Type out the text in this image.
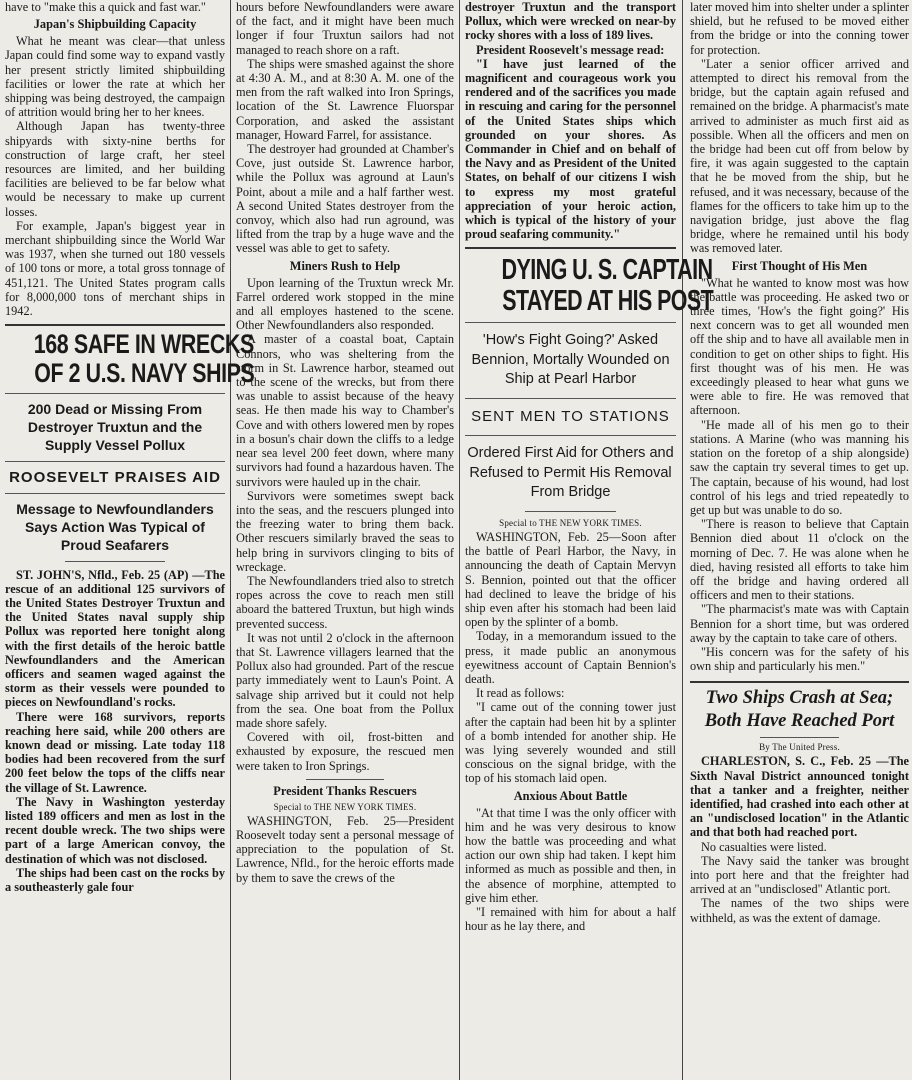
have to "make this a quick and fast war."

Japan's Shipbuilding Capacity

What he meant was clear—that unless Japan could find some way to expand vastly her present strictly limited shipbuilding facilities or lower the rate at which her shipping was being destroyed, the campaign of attrition would bring her to her knees.

Although Japan has twenty-three shipyards with sixty-nine berths for construction of large craft, her steel resources are limited, and her building facilities are believed to be far below what would be necessary to make up current losses.

For example, Japan's biggest year in merchant shipbuilding since the World War was 1937, when she turned out 180 vessels of 100 tons or more, a total gross tonnage of 451,121. The United States program calls for 8,000,000 tons of merchant ships in 1942.

168 SAFE IN WRECKS
OF 2 U.S. NAVY SHIPS
200 Dead or Missing From Destroyer Truxtun and the Supply Vessel Pollux
ROOSEVELT PRAISES AID
Message to Newfoundlanders Says Action Was Typical of Proud Seafarers

ST. JOHN'S, Nfld., Feb. 25 (AP) —The rescue of an additional 125 survivors of the United States Destroyer Truxtun and the United States naval supply ship Pollux was reported here tonight along with the first details of the heroic battle Newfoundlanders and the American officers and seamen waged against the storm as their vessels were pounded to pieces on Newfoundland's rocks.

There were 168 survivors, reports reaching here said, while 200 others are known dead or missing. Late today 118 bodies had been recovered from the surf 200 feet below the tops of the cliffs near the village of St. Lawrence.

The Navy in Washington yesterday listed 189 officers and men as lost in the recent double wreck. The two ships were part of a large American convoy, the destination of which was not disclosed.

The ships had been cast on the rocks by a southeasterly gale four

hours before Newfoundlanders were aware of the fact, and it might have been much longer if four Truxtun sailors had not managed to reach shore on a raft.

The ships were smashed against the shore at 4:30 A. M., and at 8:30 A. M. one of the men from the raft walked into Iron Springs, location of the St. Lawrence Fluorspar Corporation, and asked the assistant manager, Howard Farrel, for assistance.

The destroyer had grounded at Chamber's Cove, just outside St. Lawrence harbor, while the Pollux was aground at Laun's Point, about a mile and a half farther west. A second United States destroyer from the convoy, which also had run aground, was lifted from the trap by a huge wave and the vessel was able to get to safety.

Miners Rush to Help

Upon learning of the Truxtun wreck Mr. Farrel ordered work stopped in the mine and all employes hastened to the scene. Other Newfoundlanders also responded.

A master of a coastal boat, Captain Connors, who was sheltering from the storm in St. Lawrence harbor, steamed out to the scene of the wrecks, but from there was unable to assist because of the heavy seas. He then made his way to Chamber's Cove and with others lowered men by ropes in a bosun's chair down the cliffs to a ledge near sea level 200 feet down, where many survivors had found a hazardous haven. The survivors were hauled up in the chair.

Survivors were sometimes swept back into the seas, and the rescuers plunged into the freezing water to bring them back. Other rescuers similarly braved the seas to help bring in survivors clinging to bits of wreckage.

The Newfoundlanders tried also to stretch ropes across the cove to reach men still aboard the battered Truxtun, but high winds prevented success.

It was not until 2 o'clock in the afternoon that St. Lawrence villagers learned that the Pollux also had grounded. Part of the rescue party immediately went to Laun's Point. A salvage ship arrived but it could not help from the sea. One boat from the Pollux made shore safely.

Covered with oil, frost-bitten and exhausted by exposure, the rescued men were taken to Iron Springs.

President Thanks Rescuers
Special to THE NEW YORK TIMES.

WASHINGTON, Feb. 25—President Roosevelt today sent a personal message of appreciation to the population of St. Lawrence, Nfld., for the heroic efforts made by them to save the crews of the

destroyer Truxtun and the transport Pollux, which were wrecked on near-by rocky shores with a loss of 189 lives.

President Roosevelt's message read:

"I have just learned of the magnificent and courageous work you rendered and of the sacrifices you made in rescuing and caring for the personnel of the United States ships which grounded on your shores. As Commander in Chief and on behalf of the Navy and as President of the United States, on behalf of our citizens I wish to express my most grateful appreciation of your heroic action, which is typical of the history of your proud seafaring community."

DYING U. S. CAPTAIN
STAYED AT HIS POST
'How's Fight Going?' Asked Bennion, Mortally Wounded on Ship at Pearl Harbor
SENT MEN TO STATIONS
Ordered First Aid for Others and Refused to Permit His Removal From Bridge
Special to THE NEW YORK TIMES.

WASHINGTON, Feb. 25—Soon after the battle of Pearl Harbor, the Navy, in announcing the death of Captain Mervyn S. Bennion, pointed out that the officer had declined to leave the bridge of his ship even after his stomach had been laid open by the splinter of a bomb.

Today, in a memorandum issued to the press, it made public an anonymous eyewitness account of Captain Bennion's death.

It read as follows:

"I came out of the conning tower just after the captain had been hit by a splinter of a bomb intended for another ship. He was lying severely wounded and still conscious on the signal bridge, with the top of his stomach laid open.

Anxious About Battle

"At that time I was the only officer with him and he was very desirous to know how the battle was proceeding and what action our own ship had taken. I kept him informed as much as possible and then, in the absence of morphine, attempted to give him ether.

"I remained with him for about a half hour as he lay there, and

later moved him into shelter under a splinter shield, but he refused to be moved either from the bridge or into the conning tower for protection.

"Later a senior officer arrived and attempted to direct his removal from the bridge, but the captain again refused and remained on the bridge. A pharmacist's mate arrived to administer as much first aid as possible. When all the officers and men on the bridge had been cut off from below by fire, it was again suggested to the captain that he be moved from the ship, but he refused, and it was necessary, because of the flames for the officers to take him up to the navigation bridge, just above the flag bridge, where he remained until his body was removed later.

First Thought of His Men

"What he wanted to know most was how the battle was proceeding. He asked two or three times, 'How's the fight going?' His next concern was to get all wounded men off the ship and to have all available men in condition to get on other ships to fight. His first thought was of his men. He was exceedingly pleased to hear what guns we were able to fire. He was removed that afternoon.

"He made all of his men go to their stations. A Marine (who was manning his station on the foretop of a ship alongside) saw the captain try several times to get up. The captain, because of his wound, had lost control of his legs and tried repeatedly to get up but was unable to do so.

"There is reason to believe that Captain Bennion died about 11 o'clock on the morning of Dec. 7. He was alone when he died, having resisted all efforts to take him off the bridge and having ordered all officers and men to their stations.

"The pharmacist's mate was with Captain Bennion for a short time, but was ordered away by the captain to take care of others.

"His concern was for the safety of his own ship and particularly his men."

Two Ships Crash at Sea;
Both Have Reached Port
By The United Press.

CHARLESTON, S. C., Feb. 25 —The Sixth Naval District announced tonight that a tanker and a freighter, neither identified, had crashed into each other at an "undisclosed location" in the Atlantic and that both had reached port.

No casualties were listed.

The Navy said the tanker was brought into port here and that the freighter had arrived at an "undisclosed" Atlantic port.

The names of the two ships were withheld, as was the extent of damage.
